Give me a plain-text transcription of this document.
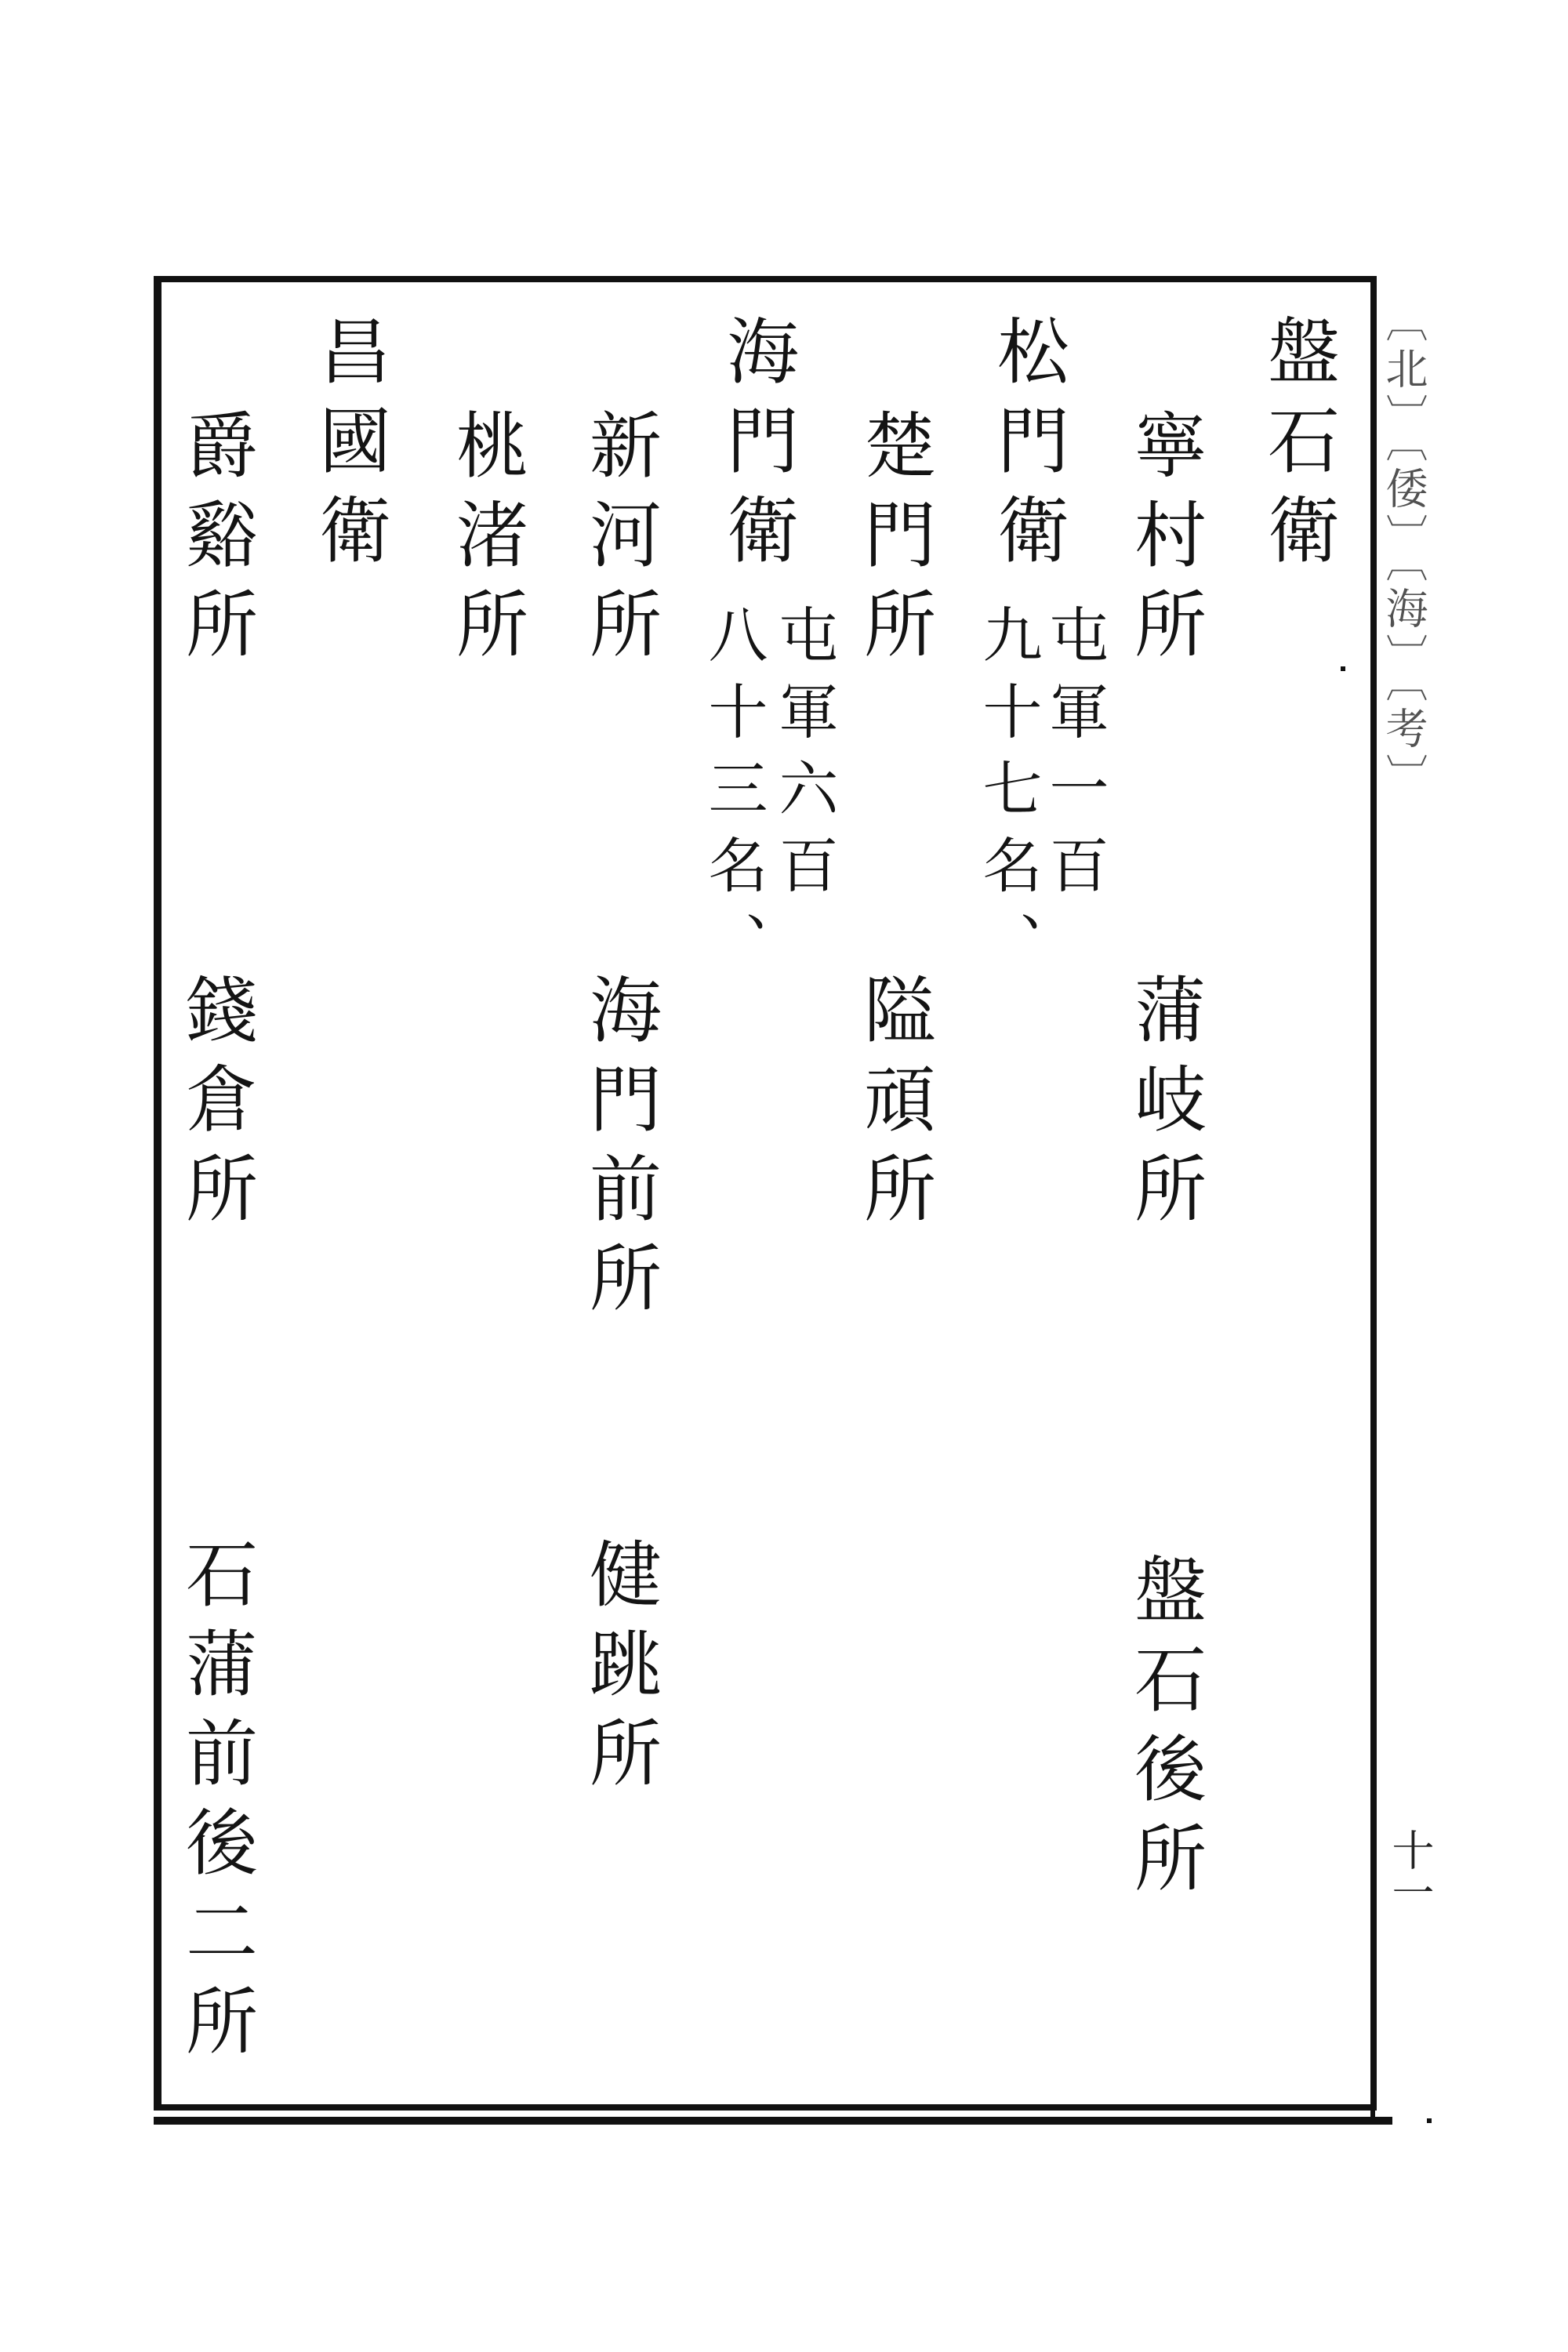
〔北〕〔倭〕〔海〕〔考〕
十一
盤石衛
寧村所
蒲岐所
盤石後所
松門衛
屯軍一百
九十七名、
楚門所
隘頑所
海門衛
屯軍六百
八十三名、
新河所
海門前所
健跳所
桃渚所
昌國衛
爵谿所
錢倉所
石蒲前後二所
